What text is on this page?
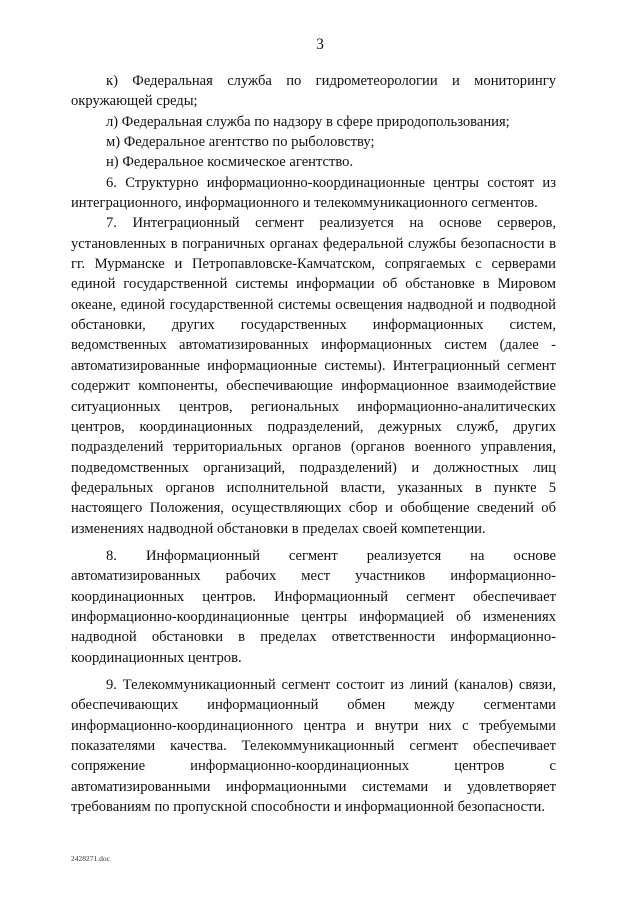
3

к) Федеральная служба по гидрометеорологии и мониторингу окружающей среды;

л) Федеральная служба по надзору в сфере природопользования;

м) Федеральное агентство по рыболовству;

н) Федеральное космическое агентство.

6. Структурно информационно-координационные центры состоят из интеграционного, информационного и телекоммуникационного сегментов.

7. Интеграционный сегмент реализуется на основе серверов, установленных в пограничных органах федеральной службы безопасности в гг. Мурманске и Петропавловске-Камчатском, сопрягаемых с серверами единой государственной системы информации об обстановке в Мировом океане, единой государственной системы освещения надводной и подводной обстановки, других государственных информационных систем, ведомственных автоматизированных информационных систем (далее - автоматизированные информационные системы). Интеграционный сегмент содержит компоненты, обеспечивающие информационное взаимодействие ситуационных центров, региональных информационно-аналитических центров, координационных подразделений, дежурных служб, других подразделений территориальных органов (органов военного управления, подведомственных организаций, подразделений) и должностных лиц федеральных органов исполнительной власти, указанных в пункте 5 настоящего Положения, осуществляющих сбор и обобщение сведений об изменениях надводной обстановки в пределах своей компетенции.

8. Информационный сегмент реализуется на основе автоматизированных рабочих мест участников информационно-координационных центров. Информационный сегмент обеспечивает информационно-координационные центры информацией об изменениях надводной обстановки в пределах ответственности информационно-координационных центров.

9. Телекоммуникационный сегмент состоит из линий (каналов) связи, обеспечивающих информационный обмен между сегментами информационно-координационного центра и внутри них с требуемыми показателями качества. Телекоммуникационный сегмент обеспечивает сопряжение информационно-координационных центров с автоматизированными информационными системами и удовлетворяет требованиям по пропускной способности и информационной безопасности.

2428271.doc
